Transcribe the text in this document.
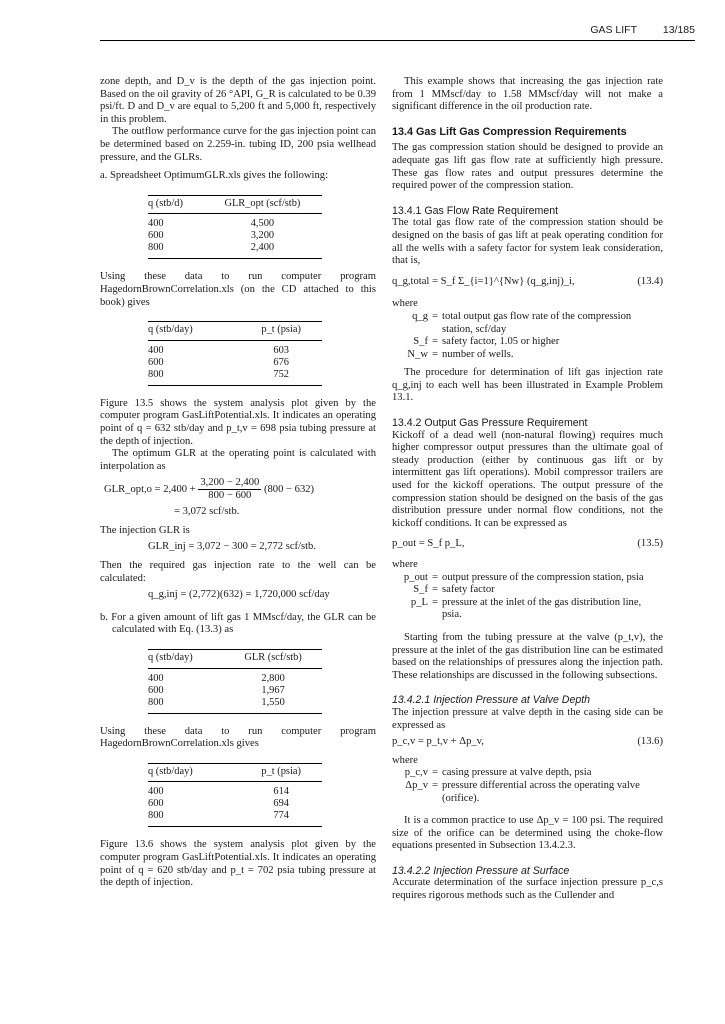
GAS LIFT 13/185

zone depth, and D_v is the depth of the gas injection point. Based on the oil gravity of 26 °API, G_R is calculated to be 0.39 psi/ft. D and D_v are equal to 5,200 ft and 5,000 ft, respectively in this problem.

The outflow performance curve for the gas injection point can be determined based on 2.259-in. tubing ID, 200 psia wellhead pressure, and the GLRs.

a. Spreadsheet OptimumGLR.xls gives the following:

q (stb/d)	GLR_opt (scf/stb)
400	4,500
600	3,200
800	2,400

Using these data to run computer program HagedornBrownCorrelation.xls (on the CD attached to this book) gives

q (stb/day)	p_t (psia)
400	603
600	676
800	752

Figure 13.5 shows the system analysis plot given by the computer program GasLiftPotential.xls. It indicates an operating point of q = 632 stb/day and p_t,v = 698 psia tubing pressure at the depth of injection.

The optimum GLR at the operating point is calculated with interpolation as

GLR_opt,o = $2,400 + \frac{3,200 - 2,400}{800 - 600} (800 - 632)$
= 3,072 scf/stb.

The injection GLR is

GLR_inj = 3,072 − 300 = 2,772 scf/stb.

Then the required gas injection rate to the well can be calculated:

q_g,inj = (2,772)(632) = 1,720,000 scf/day

b. For a given amount of lift gas 1 MMscf/day, the GLR can be calculated with Eq. (13.3) as

q (stb/day)	GLR (scf/stb)
400	2,800
600	1,967
800	1,550

Using these data to run computer program HagedornBrownCorrelation.xls gives

q (stb/day)	p_t (psia)
400	614
600	694
800	774

Figure 13.6 shows the system analysis plot given by the computer program GasLiftPotential.xls. It indicates an operating point of q = 620 stb/day and p_t = 702 psia tubing pressure at the depth of injection.

This example shows that increasing the gas injection rate from 1 MMscf/day to 1.58 MMscf/day will not make a significant difference in the oil production rate.

13.4 Gas Lift Gas Compression Requirements

The gas compression station should be designed to provide an adequate gas lift gas flow rate at sufficiently high pressure. These gas flow rates and output pressures determine the required power of the compression station.

13.4.1 Gas Flow Rate Requirement

The total gas flow rate of the compression station should be designed on the basis of gas lift at peak operating condition for all the wells with a safety factor for system leak consideration, that is,

q_g,total = S_f Σ_{i=1}^{Nw} (q_g,inj)_i,	(13.4)

where

q_g = total output gas flow rate of the compression station, scf/day
S_f = safety factor, 1.05 or higher
N_w = number of wells.

The procedure for determination of lift gas injection rate q_g,inj to each well has been illustrated in Example Problem 13.1.

13.4.2 Output Gas Pressure Requirement

Kickoff of a dead well (non-natural flowing) requires much higher compressor output pressures than the ultimate goal of steady production (either by continuous gas lift or by intermittent gas lift operations). Mobil compressor trailers are used for the kickoff operations. The output pressure of the compression station should be designed on the basis of the gas distribution pressure under normal flow conditions, not the kickoff conditions. It can be expressed as

p_out = S_f p_L,	(13.5)

where

p_out = output pressure of the compression station, psia
S_f = safety factor
p_L = pressure at the inlet of the gas distribution line, psia.

Starting from the tubing pressure at the valve (p_t,v), the pressure at the inlet of the gas distribution line can be estimated based on the relationships of pressures along the injection path. These relationships are discussed in the following subsections.

13.4.2.1 Injection Pressure at Valve Depth

The injection pressure at valve depth in the casing side can be expressed as

p_c,v = p_t,v + Δp_v,	(13.6)

where

p_c,v = casing pressure at valve depth, psia
Δp_v = pressure differential across the operating valve (orifice).

It is a common practice to use Δp_v = 100 psi. The required size of the orifice can be determined using the choke-flow equations presented in Subsection 13.4.2.3.

13.4.2.2 Injection Pressure at Surface

Accurate determination of the surface injection pressure p_c,s requires rigorous methods such as the Cullender and
